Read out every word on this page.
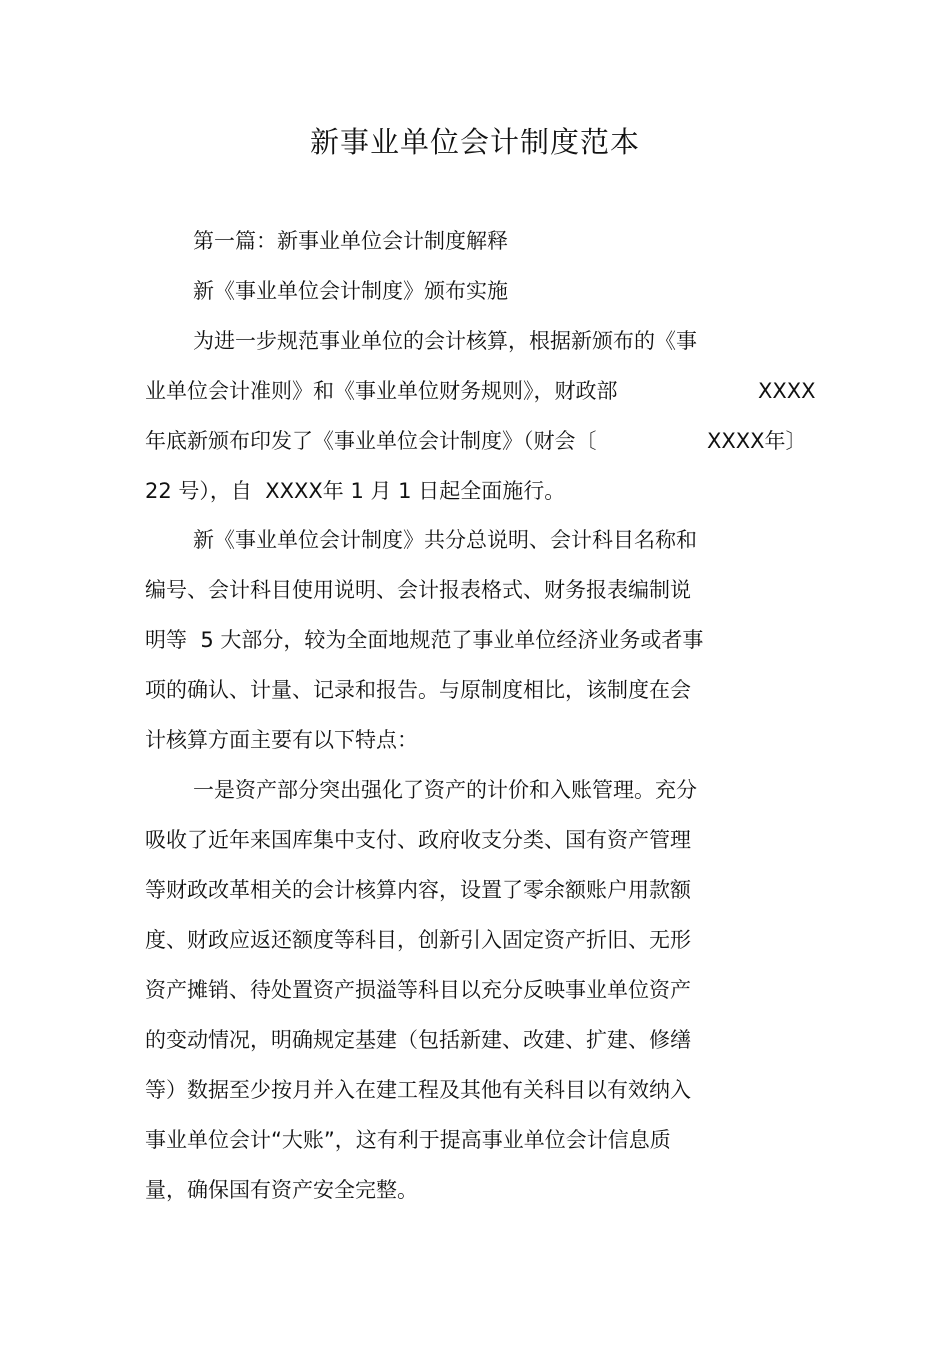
新事业单位会计制度范本

第一篇：新事业单位会计制度解释

新《事业单位会计制度》颁布实施

为进一步规范事业单位的会计核算，根据新颁布的《事

业单位会计准则》和《事业单位财务规则》，财政部	XXXX

年底新颁布印发了《事业单位会计制度》（财会〔	XXXX年〕

22 号），自  XXXX年 1 月 1 日起全面施行。

新《事业单位会计制度》共分总说明、会计科目名称和

编号、会计科目使用说明、会计报表格式、财务报表编制说

明等  5 大部分，较为全面地规范了事业单位经济业务或者事

项的确认、计量、记录和报告。与原制度相比，该制度在会

计核算方面主要有以下特点：

一是资产部分突出强化了资产的计价和入账管理。充分

吸收了近年来国库集中支付、政府收支分类、国有资产管理

等财政改革相关的会计核算内容，设置了零余额账户用款额

度、财政应返还额度等科目，创新引入固定资产折旧、无形

资产摊销、待处置资产损溢等科目以充分反映事业单位资产

的变动情况，明确规定基建（包括新建、改建、扩建、修缮

等）数据至少按月并入在建工程及其他有关科目以有效纳入

事业单位会计“大账”，这有利于提高事业单位会计信息质

量，确保国有资产安全完整。
